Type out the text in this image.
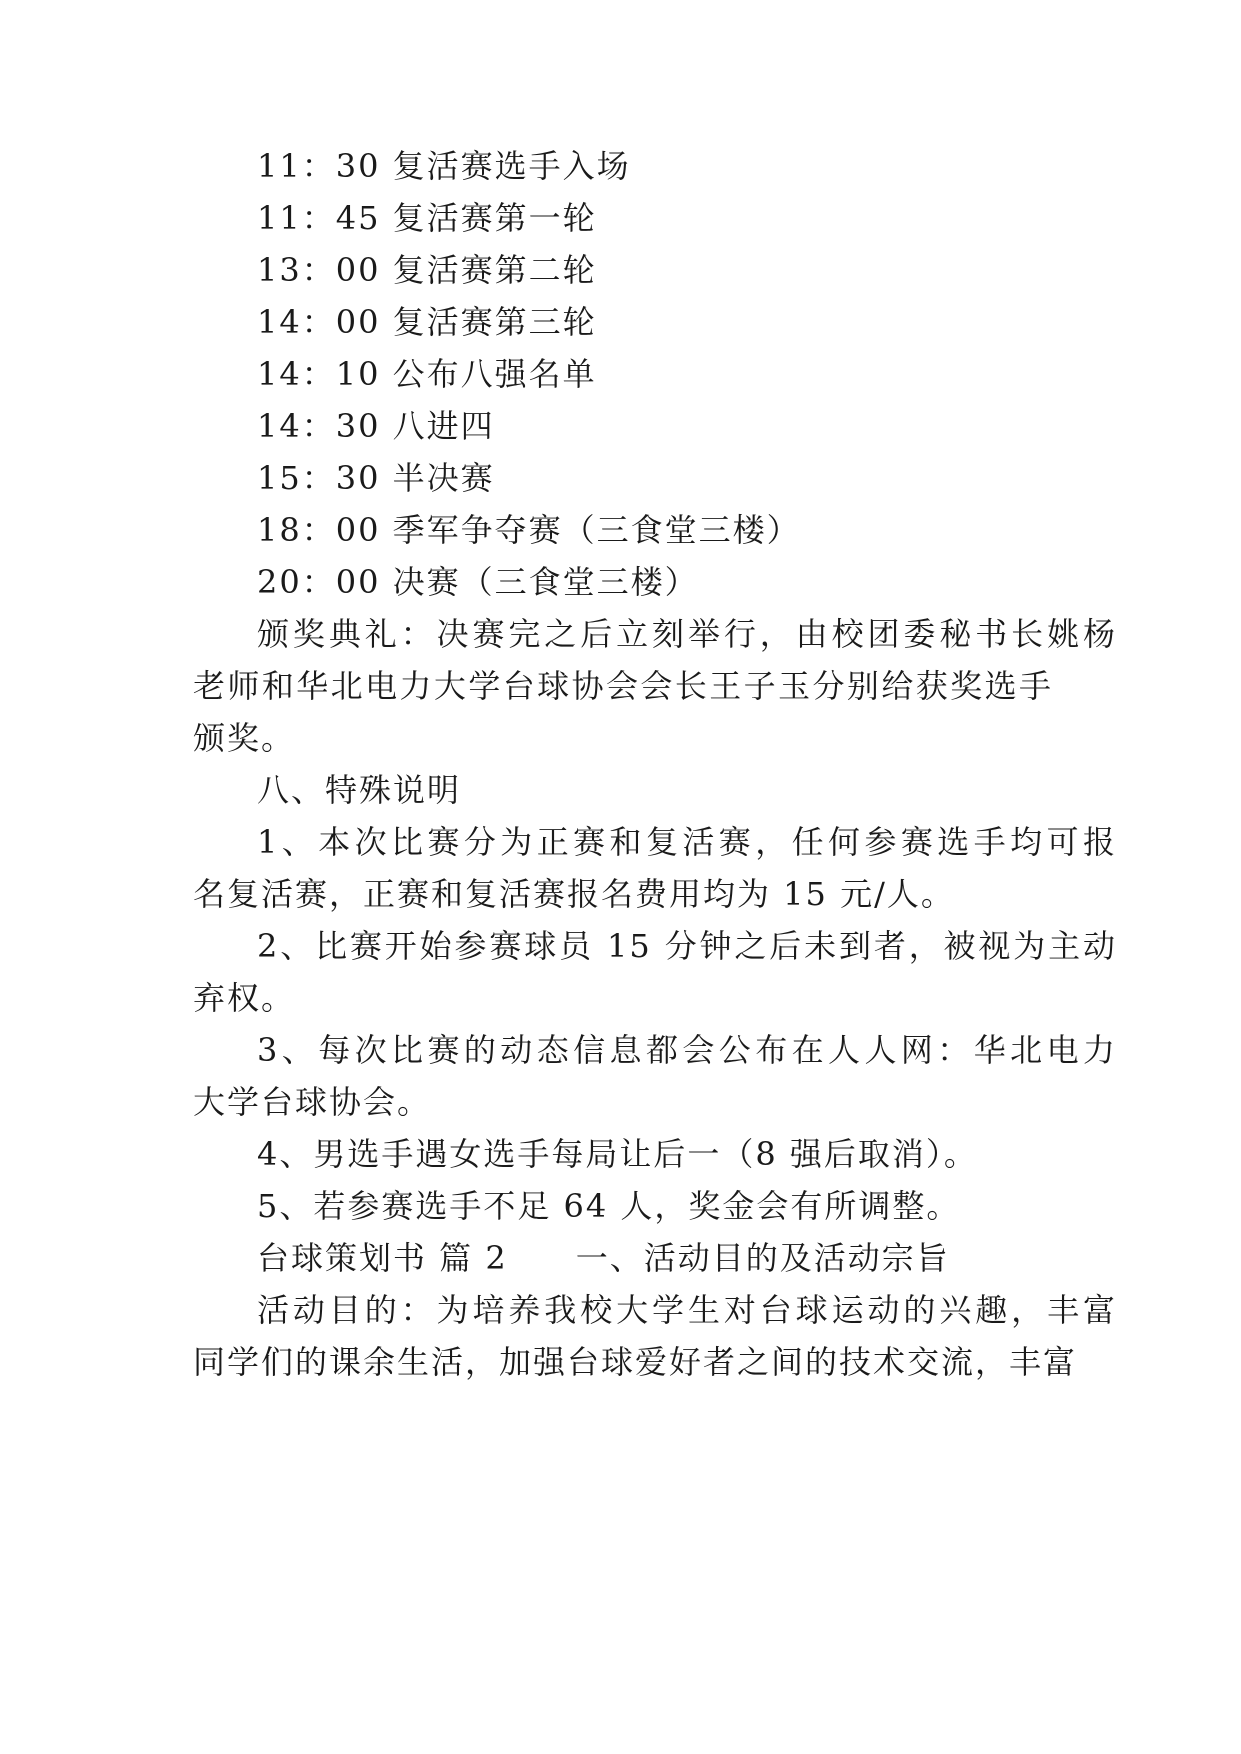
11：30 复活赛选手入场
11：45 复活赛第一轮
13：00 复活赛第二轮
14：00 复活赛第三轮
14：10 公布八强名单
14：30 八进四
15：30 半决赛
18：00 季军争夺赛（三食堂三楼）
20：00 决赛（三食堂三楼）
颁奖典礼：决赛完之后立刻举行，由校团委秘书长姚杨
老师和华北电力大学台球协会会长王子玉分别给获奖选手
颁奖。
八、特殊说明
1、本次比赛分为正赛和复活赛，任何参赛选手均可报
名复活赛，正赛和复活赛报名费用均为 15 元/人。
2、比赛开始参赛球员 15 分钟之后未到者，被视为主动
弃权。
3、每次比赛的动态信息都会公布在人人网：华北电力
大学台球协会。
4、男选手遇女选手每局让后一（8 强后取消）。
5、若参赛选手不足 64 人，奖金会有所调整。
台球策划书 篇 2 一、活动目的及活动宗旨
活动目的：为培养我校大学生对台球运动的兴趣，丰富
同学们的课余生活，加强台球爱好者之间的技术交流，丰富
